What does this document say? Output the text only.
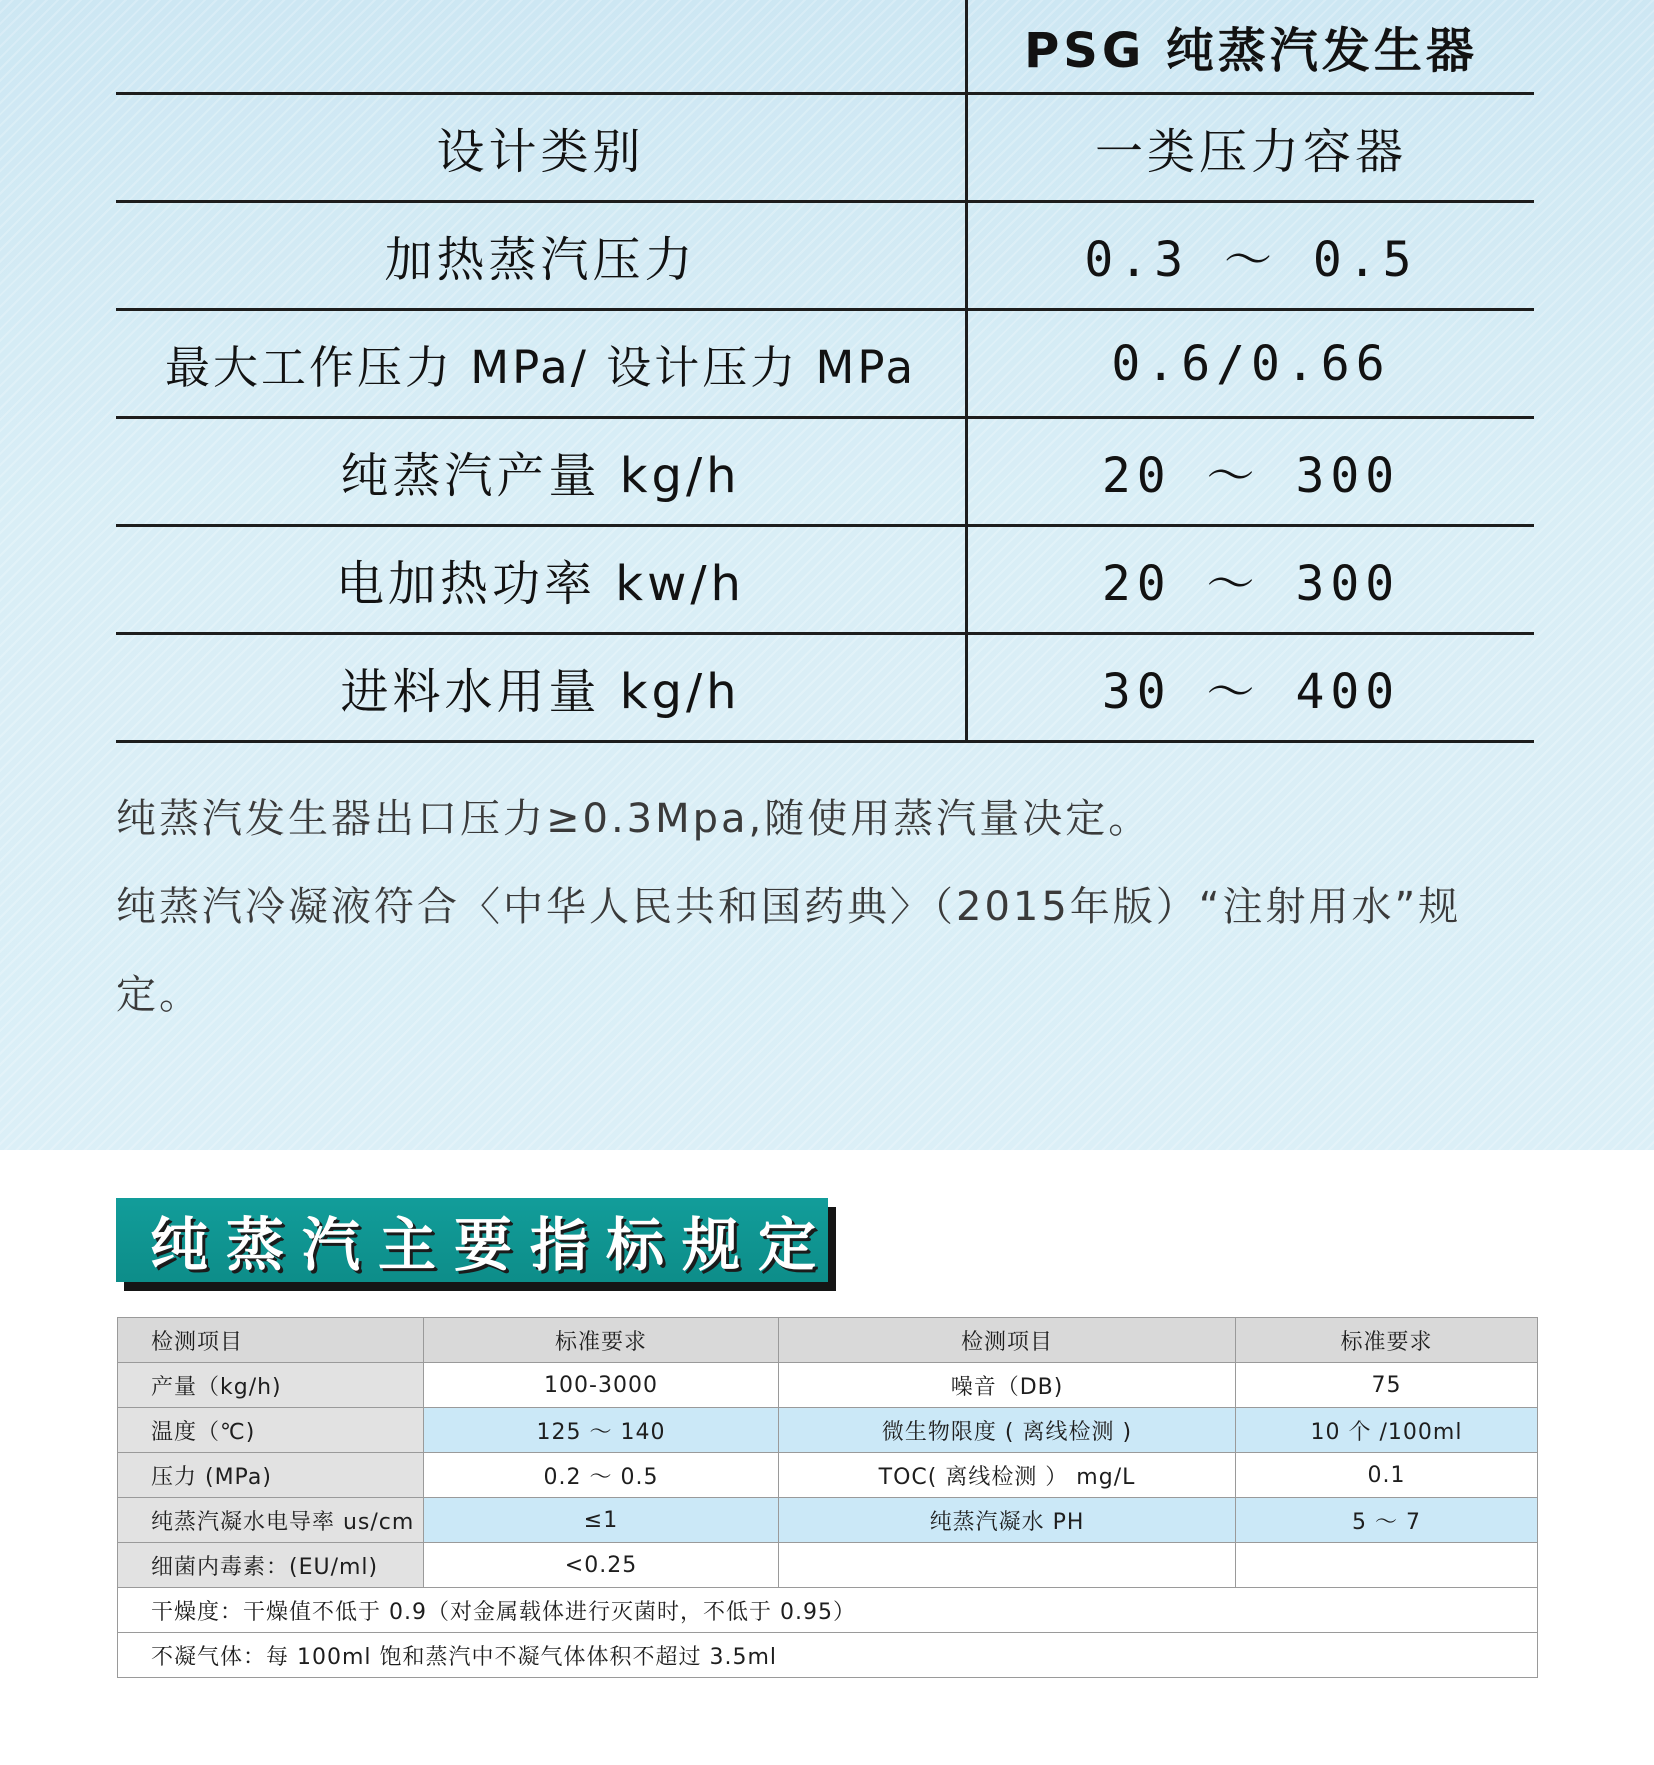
	PSG 纯蒸汽发生器
设计类别	一类压力容器
加热蒸汽压力	0.3 ～ 0.5
最大工作压力 MPa/ 设计压力 MPa	0.6/0.66
纯蒸汽产量 kg/h	20 ～ 300
电加热功率 kw/h	20 ～ 300
进料水用量 kg/h	30 ～ 400

纯蒸汽发生器出口压力≥0.3Mpa,随使用蒸汽量决定。

纯蒸汽冷凝液符合〈中华人民共和国药典〉（2015年版）“注射用水”规定。

纯蒸汽主要指标规定
检测项目	标准要求	检测项目	标准要求
产量（kg/h)	100-3000	噪音（DB)	75
温度（℃)	125 ～ 140	微生物限度 ( 离线检测 )	10 个 /100ml
压力 (MPa)	0.2 ～ 0.5	TOC( 离线检测 ） mg/L	0.1
纯蒸汽凝水电导率 us/cm	≤1	纯蒸汽凝水 PH	5 ～ 7
细菌内毒素：(EU/ml)	<0.25		
干燥度：干燥值不低于 0.9（对金属载体进行灭菌时，不低于 0.95）			
不凝气体：每 100ml 饱和蒸汽中不凝气体体积不超过 3.5ml			
